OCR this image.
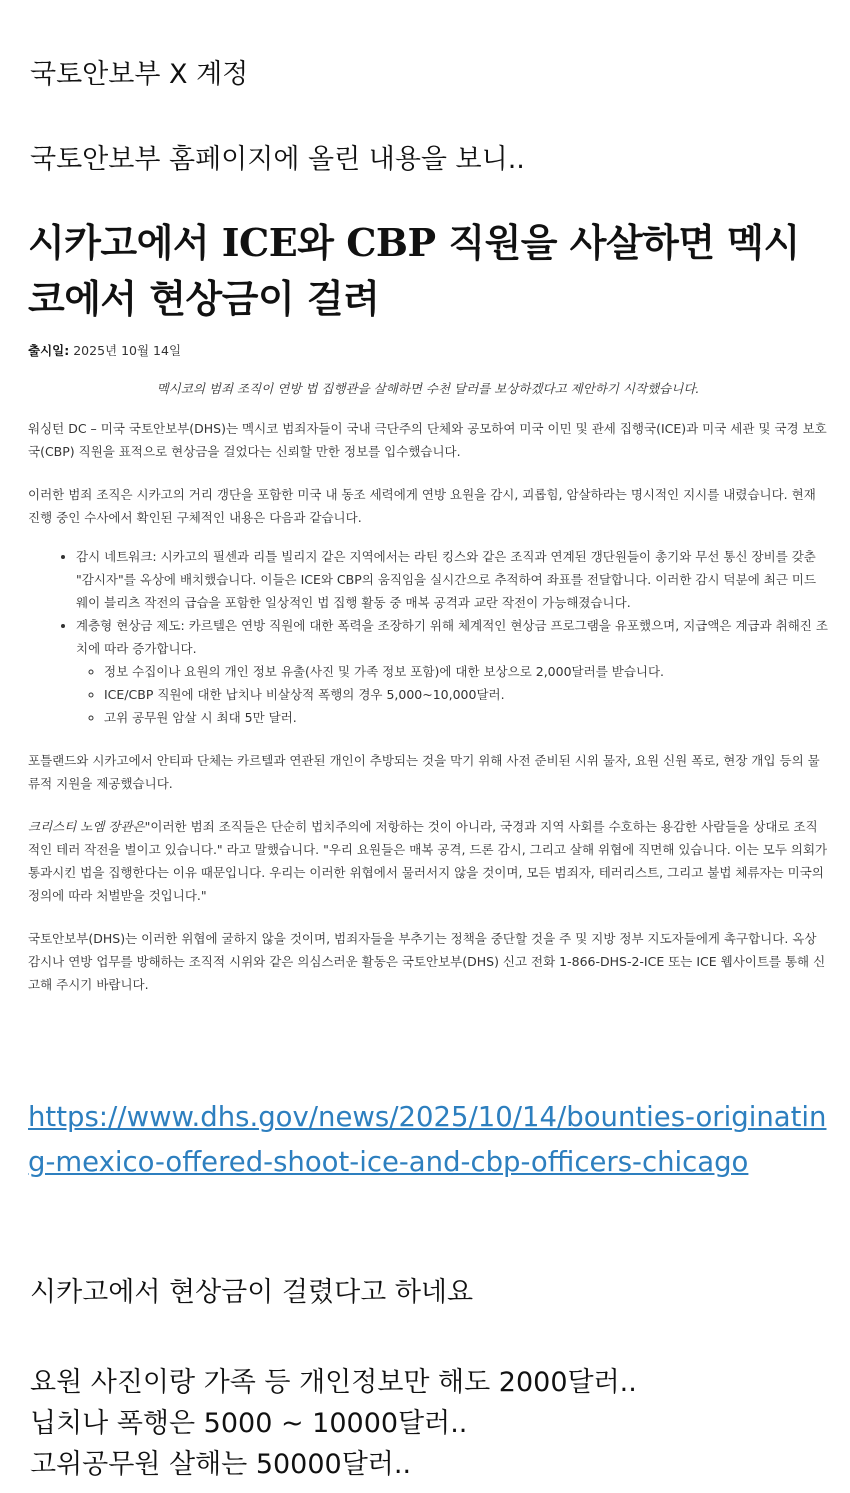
국토안보부 X 계정
국토안보부 홈페이지에 올린 내용을 보니..
시카고에서 ICE와 CBP 직원을 사살하면 멕시코에서 현상금이 걸려
출시일: 2025년 10월 14일
멕시코의 범죄 조직이 연방 법 집행관을 살해하면 수천 달러를 보상하겠다고 제안하기 시작했습니다.
워싱턴 DC – 미국 국토안보부(DHS)는 멕시코 범죄자들이 국내 극단주의 단체와 공모하여 미국 이민 및 관세 집행국(ICE)과 미국 세관 및 국경 보호국(CBP) 직원을 표적으로 현상금을 걸었다는 신뢰할 만한 정보를 입수했습니다.
이러한 범죄 조직은 시카고의 거리 갱단을 포함한 미국 내 동조 세력에게 연방 요원을 감시, 괴롭힘, 암살하라는 명시적인 지시를 내렸습니다. 현재 진행 중인 수사에서 확인된 구체적인 내용은 다음과 같습니다.
• 감시 네트워크: 시카고의 필센과 리틀 빌리지 같은 지역에서는 라틴 킹스와 같은 조직과 연계된 갱단원들이 총기와 무선 통신 장비를 갖춘 "감시자"를 옥상에 배치했습니다. 이들은 ICE와 CBP의 움직임을 실시간으로 추적하여 좌표를 전달합니다. 이러한 감시 덕분에 최근 미드웨이 블리츠 작전의 급습을 포함한 일상적인 법 집행 활동 중 매복 공격과 교란 작전이 가능해졌습니다.
• 계층형 현상금 제도: 카르텔은 연방 직원에 대한 폭력을 조장하기 위해 체계적인 현상금 프로그램을 유포했으며, 지급액은 계급과 취해진 조치에 따라 증가합니다.
◦ 정보 수집이나 요원의 개인 정보 유출(사진 및 가족 정보 포함)에 대한 보상으로 2,000달러를 받습니다.
◦ ICE/CBP 직원에 대한 납치나 비살상적 폭행의 경우 5,000~10,000달러.
◦ 고위 공무원 암살 시 최대 5만 달러.
포틀랜드와 시카고에서 안티파 단체는 카르텔과 연관된 개인이 추방되는 것을 막기 위해 사전 준비된 시위 물자, 요원 신원 폭로, 현장 개입 등의 물류적 지원을 제공했습니다.
크리스티 노엠 장관은"이러한 범죄 조직들은 단순히 법치주의에 저항하는 것이 아니라, 국경과 지역 사회를 수호하는 용감한 사람들을 상대로 조직적인 테러 작전을 벌이고 있습니다." 라고 말했습니다. "우리 요원들은 매복 공격, 드론 감시, 그리고 살해 위협에 직면해 있습니다. 이는 모두 의회가 통과시킨 법을 집행한다는 이유 때문입니다. 우리는 이러한 위협에서 물러서지 않을 것이며, 모든 범죄자, 테러리스트, 그리고 불법 체류자는 미국의 정의에 따라 처벌받을 것입니다."
국토안보부(DHS)는 이러한 위협에 굴하지 않을 것이며, 범죄자들을 부추기는 정책을 중단할 것을 주 및 지방 정부 지도자들에게 촉구합니다. 옥상 감시나 연방 업무를 방해하는 조직적 시위와 같은 의심스러운 활동은 국토안보부(DHS) 신고 전화 1-866-DHS-2-ICE 또는 ICE 웹사이트를 통해 신고해 주시기 바랍니다.
https://www.dhs.gov/news/2025/10/14/bounties-originating-mexico-offered-shoot-ice-and-cbp-officers-chicago
시카고에서 현상금이 걸렸다고 하네요
요원 사진이랑 가족 등 개인정보만 해도 2000달러..
닙치나 폭행은 5000 ~ 10000달러..
고위공무원 살해는 50000달러..
